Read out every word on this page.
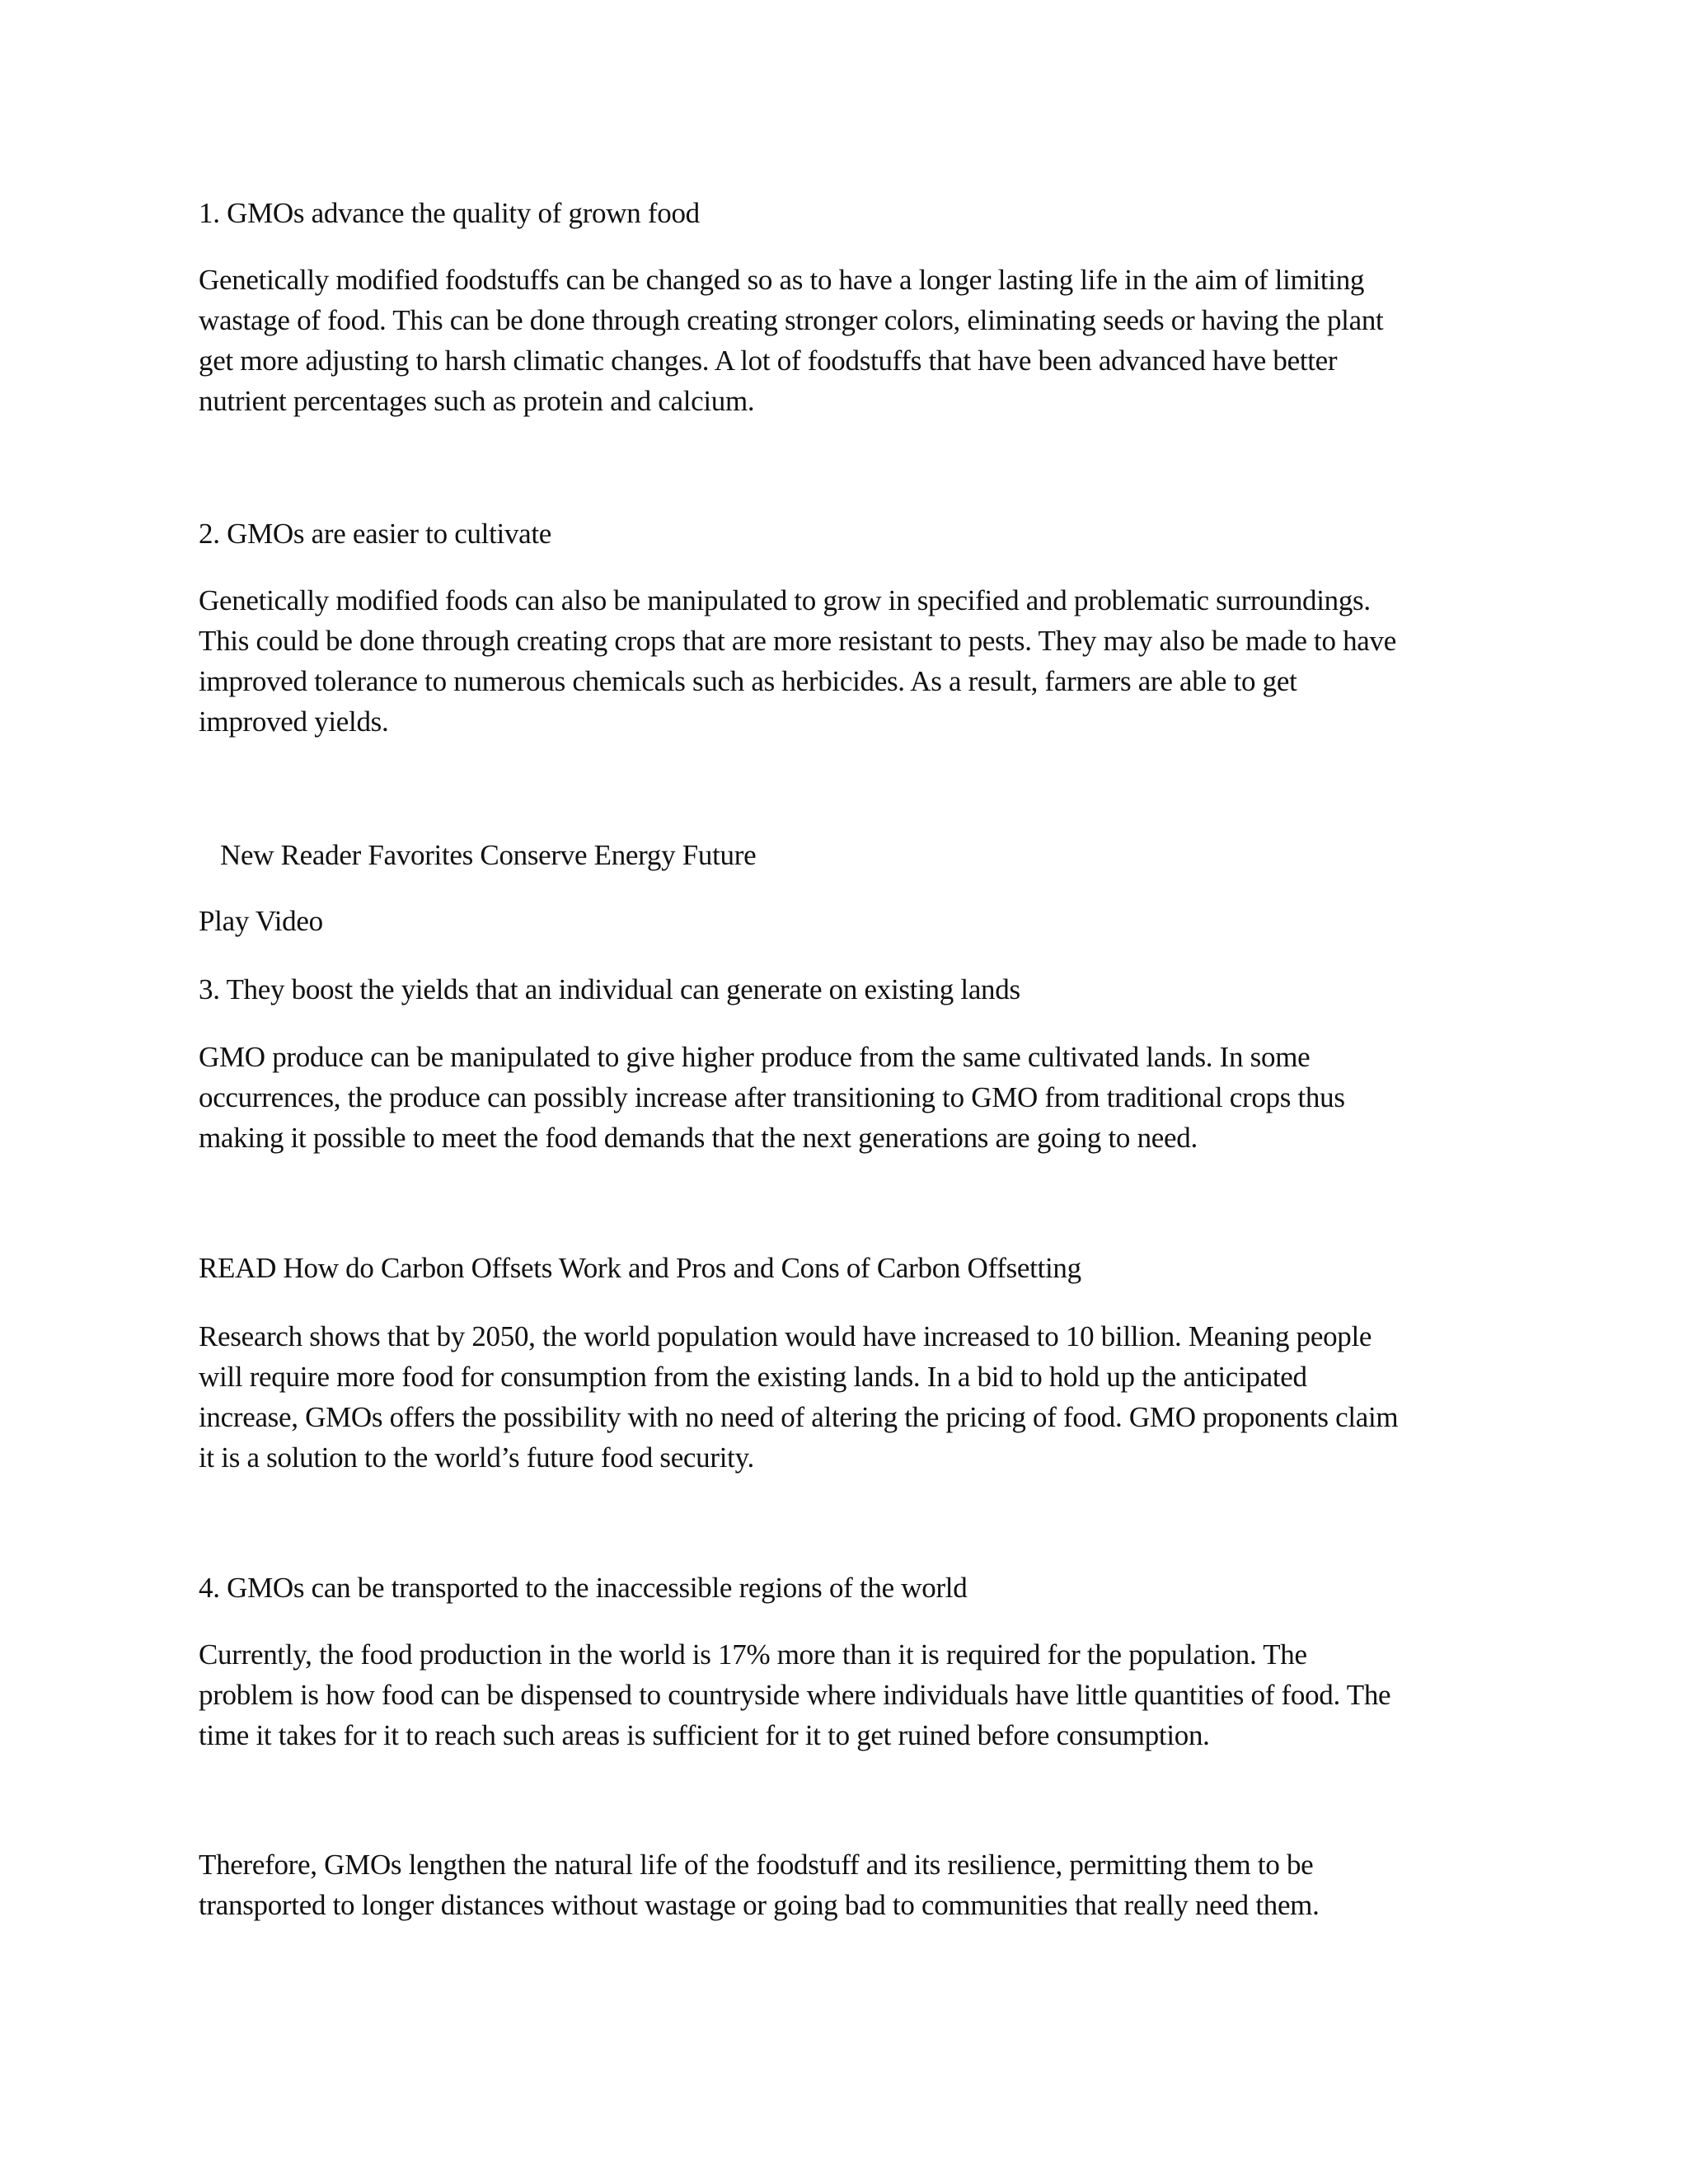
1. GMOs advance the quality of grown food
Genetically modified foodstuffs can be changed so as to have a longer lasting life in the aim of limiting
wastage of food. This can be done through creating stronger colors, eliminating seeds or having the plant
get more adjusting to harsh climatic changes. A lot of foodstuffs that have been advanced have better
nutrient percentages such as protein and calcium.
2. GMOs are easier to cultivate
Genetically modified foods can also be manipulated to grow in specified and problematic surroundings.
This could be done through creating crops that are more resistant to pests. They may also be made to have
improved tolerance to numerous chemicals such as herbicides. As a result, farmers are able to get
improved yields.
New Reader Favorites Conserve Energy Future
Play Video
3. They boost the yields that an individual can generate on existing lands
GMO produce can be manipulated to give higher produce from the same cultivated lands. In some
occurrences, the produce can possibly increase after transitioning to GMO from traditional crops thus
making it possible to meet the food demands that the next generations are going to need.
READ How do Carbon Offsets Work and Pros and Cons of Carbon Offsetting
Research shows that by 2050, the world population would have increased to 10 billion. Meaning people
will require more food for consumption from the existing lands. In a bid to hold up the anticipated
increase, GMOs offers the possibility with no need of altering the pricing of food. GMO proponents claim
it is a solution to the world’s future food security.
4. GMOs can be transported to the inaccessible regions of the world
Currently, the food production in the world is 17% more than it is required for the population. The
problem is how food can be dispensed to countryside where individuals have little quantities of food. The
time it takes for it to reach such areas is sufficient for it to get ruined before consumption.
Therefore, GMOs lengthen the natural life of the foodstuff and its resilience, permitting them to be
transported to longer distances without wastage or going bad to communities that really need them.
